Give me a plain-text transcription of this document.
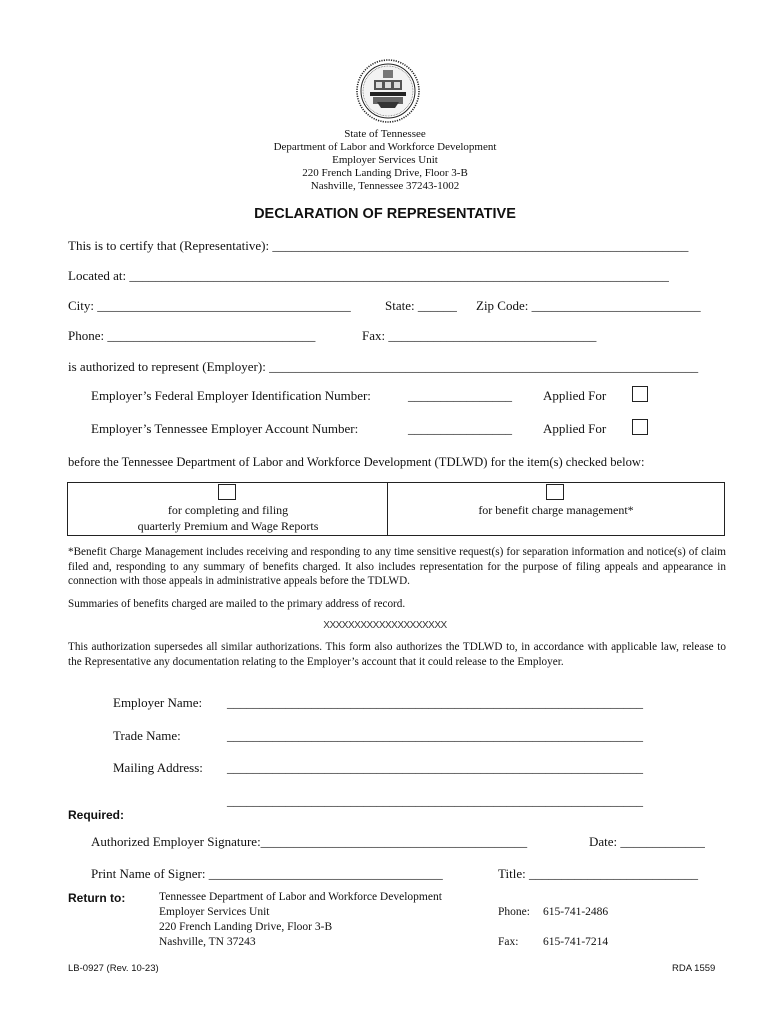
State of Tennessee
Department of Labor and Workforce Development
Employer Services Unit
220 French Landing Drive, Floor 3-B
Nashville, Tennessee 37243-1002
DECLARATION OF REPRESENTATIVE
This is to certify that (Representative): ________________________________________________________________
Located at: ___________________________________________________________________________________
City: _______________________________________	State: ______ Zip Code: __________________________
Phone: ________________________________	Fax: ________________________________
is authorized to represent (Employer): __________________________________________________________________
Employer’s Federal Employer Identification Number:	________________ Applied For
Employer’s Tennessee Employer Account Number:	________________ Applied For
before the Tennessee Department of Labor and Workforce Development (TDLWD) for the item(s) checked below:
for completing and filing
quarterly Premium and Wage Reports
for benefit charge management*
*Benefit Charge Management includes receiving and responding to any time sensitive request(s) for separation information and notice(s) of claim filed and, responding to any summary of benefits charged. It also includes representation for the purpose of filing appeals and appearance in connection with those appeals in administrative appeals before the TDLWD.
Summaries of benefits charged are mailed to the primary address of record.
XXXXXXXXXXXXXXXXXXXX
This authorization supersedes all similar authorizations. This form also authorizes the TDLWD to, in accordance with applicable law, release to the Representative any documentation relating to the Employer’s account that it could release to the Employer.
Employer Name: ________________________________________________________________
Trade Name:	________________________________________________________________
Mailing Address: ________________________________________________________________
________________________________________________________________
Required:
Authorized Employer Signature:_________________________________________	Date: _____________
Print Name of Signer: ____________________________________	Title: __________________________
Return to:	Tennessee Department of Labor and Workforce Development
Employer Services Unit
220 French Landing Drive, Floor 3-B
Nashville, TN 37243
Phone: 615-741-2486
Fax: 615-741-7214
LB-0927 (Rev. 10-23)	RDA 1559
